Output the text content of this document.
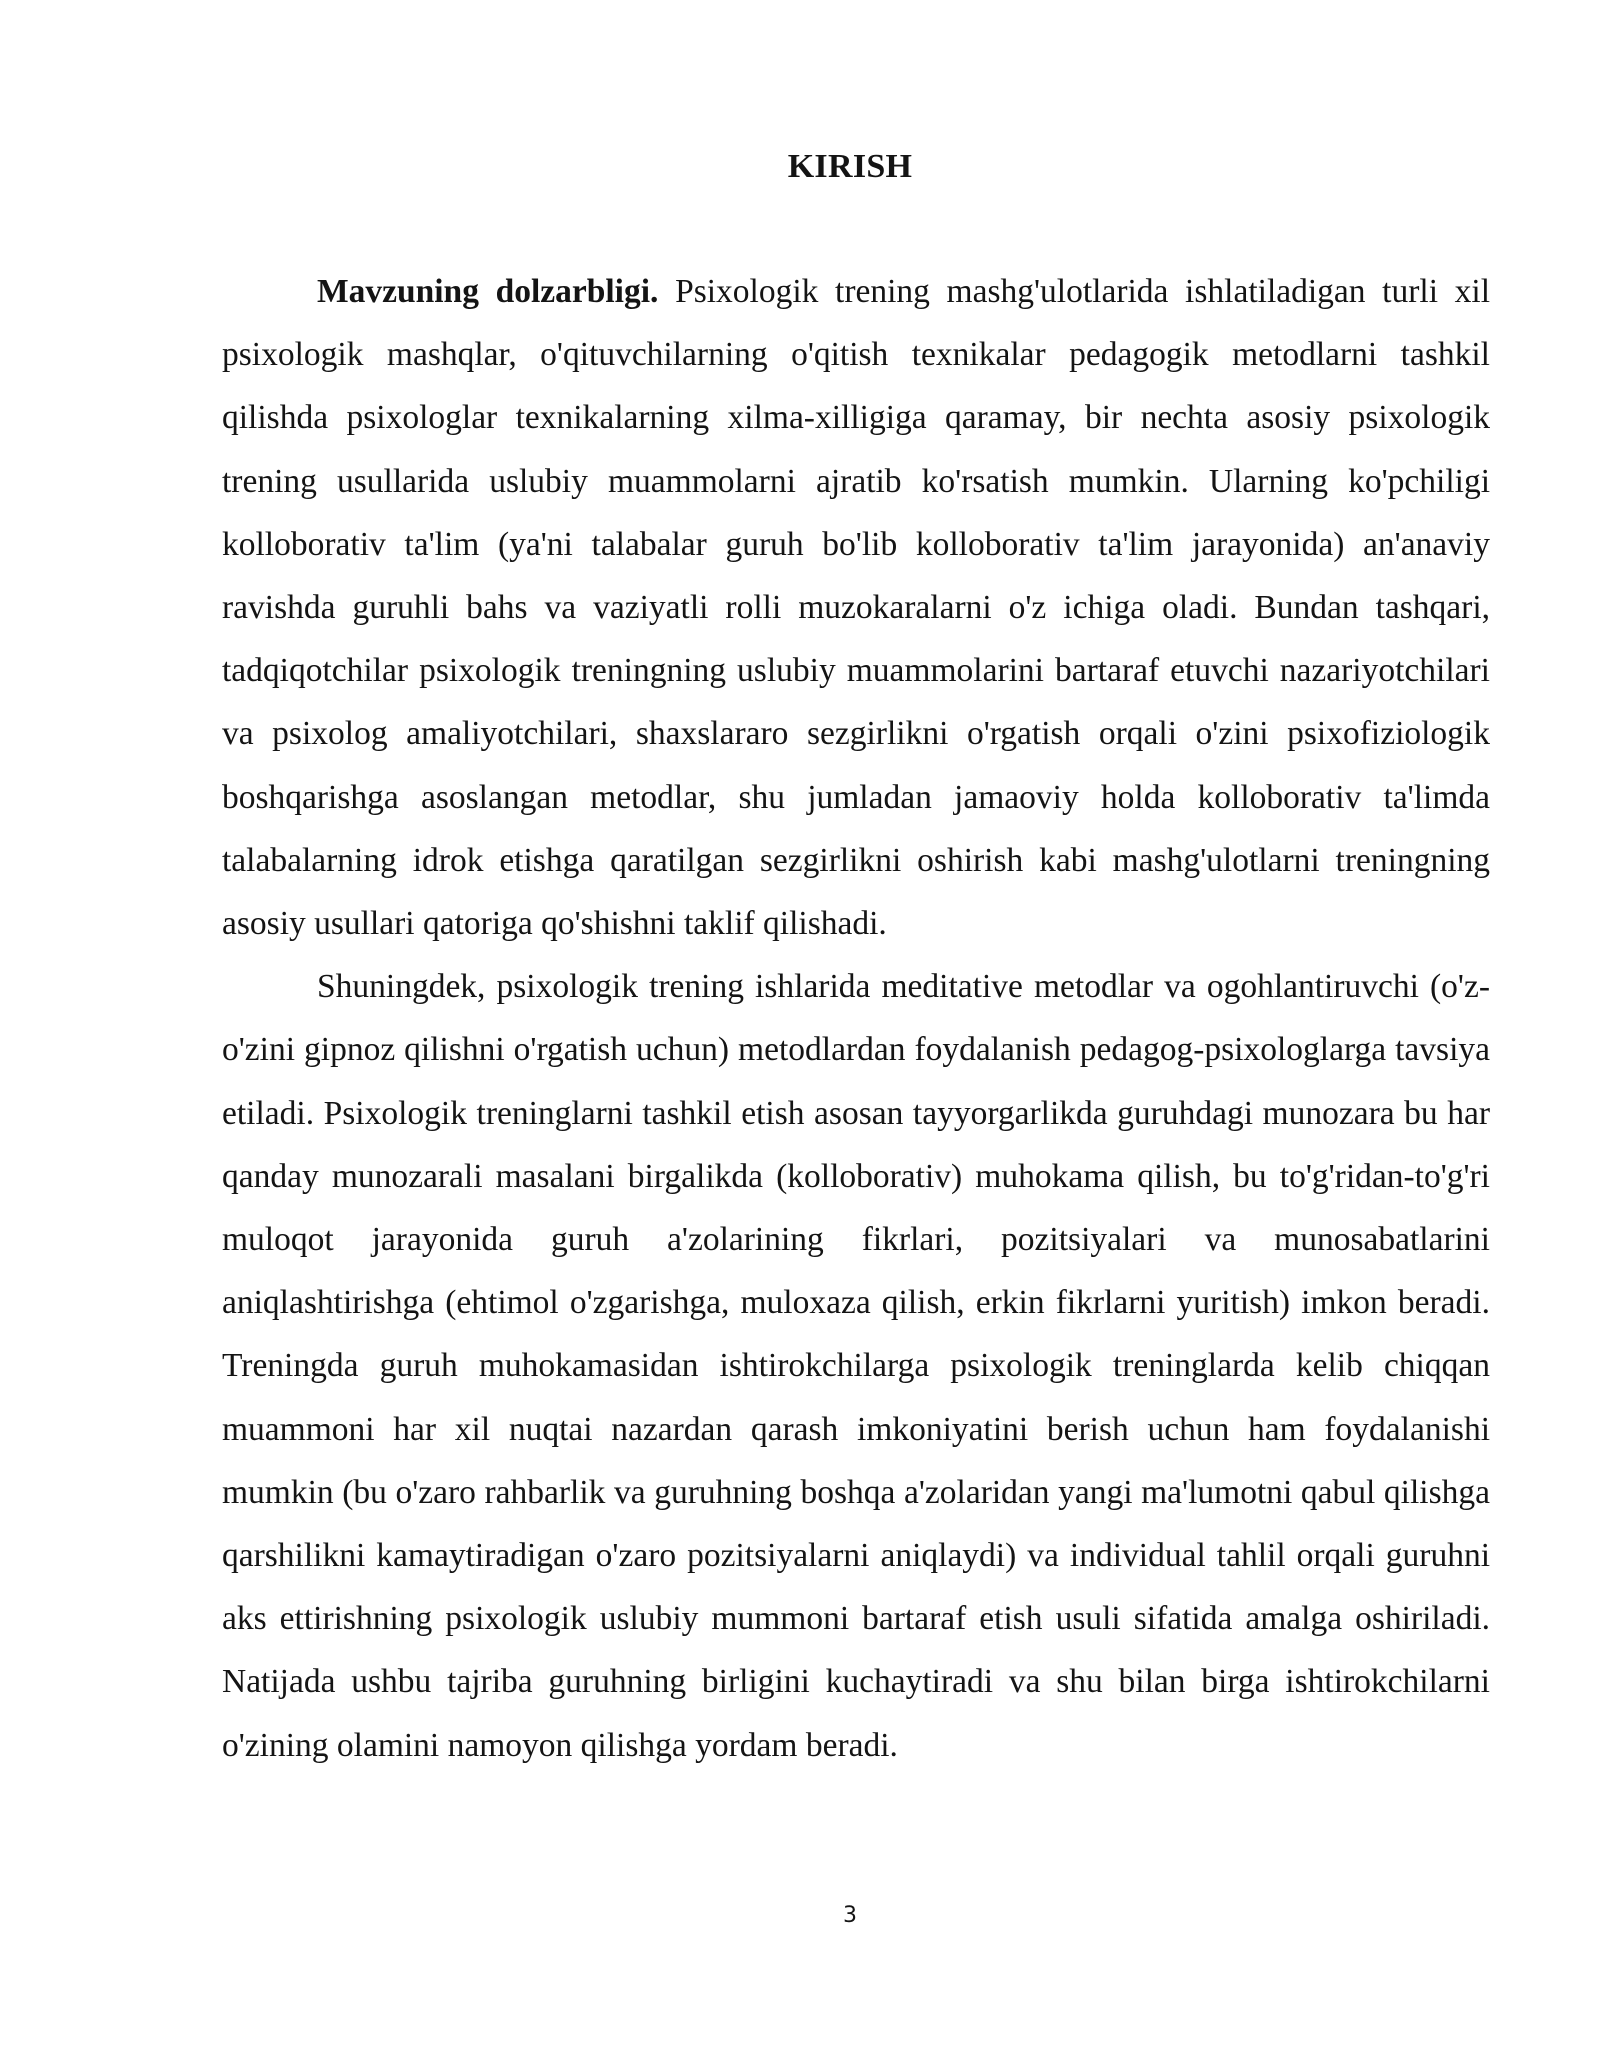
KIRISH

Mavzuning dolzarbligi. Psixologik trening mashg'ulotlarida ishlatiladigan turli xil psixologik mashqlar, o'qituvchilarning o'qitish texnikalar pedagogik metodlarni tashkil qilishda psixologlar texnikalarning xilma-xilligiga qaramay, bir nechta asosiy psixologik trening usullarida uslubiy muammolarni ajratib ko'rsatish mumkin. Ularning ko'pchiligi kolloborativ ta'lim (ya'ni talabalar guruh bo'lib kolloborativ ta'lim jarayonida) an'anaviy ravishda guruhli bahs va vaziyatli rolli muzokaralarni o'z ichiga oladi. Bundan tashqari, tadqiqotchilar psixologik treningning uslubiy muammolarini bartaraf etuvchi nazariyotchilari va psixolog amaliyotchilari, shaxslararo sezgirlikni o'rgatish orqali o'zini psixofiziologik boshqarishga asoslangan metodlar, shu jumladan jamaoviy holda kolloborativ ta'limda talabalarning idrok etishga qaratilgan sezgirlikni oshirish kabi mashg'ulotlarni treningning asosiy usullari qatoriga qo'shishni taklif qilishadi.

Shuningdek, psixologik trening ishlarida meditative metodlar va ogohlantiruvchi (o'z-o'zini gipnoz qilishni o'rgatish uchun) metodlardan foydalanish pedagog-psixologlarga tavsiya etiladi. Psixologik treninglarni tashkil etish asosan tayyorgarlikda guruhdagi munozara bu har qanday munozarali masalani birgalikda (kolloborativ) muhokama qilish, bu to'g'ridan-to'g'ri muloqot jarayonida guruh a'zolarining fikrlari, pozitsiyalari va munosabatlarini aniqlashtirishga (ehtimol o'zgarishga, muloxaza qilish, erkin fikrlarni yuritish) imkon beradi. Treningda guruh muhokamasidan ishtirokchilarga psixologik treninglarda kelib chiqqan muammoni har xil nuqtai nazardan qarash imkoniyatini berish uchun ham foydalanishi mumkin (bu o'zaro rahbarlik va guruhning boshqa a'zolaridan yangi ma'lumotni qabul qilishga qarshilikni kamaytiradigan o'zaro pozitsiyalarni aniqlaydi) va individual tahlil orqali guruhni aks ettirishning psixologik uslubiy mummoni bartaraf etish usuli sifatida amalga oshiriladi. Natijada ushbu tajriba guruhning birligini kuchaytiradi va shu bilan birga ishtirokchilarni o'zining olamini namoyon qilishga yordam beradi.

3
